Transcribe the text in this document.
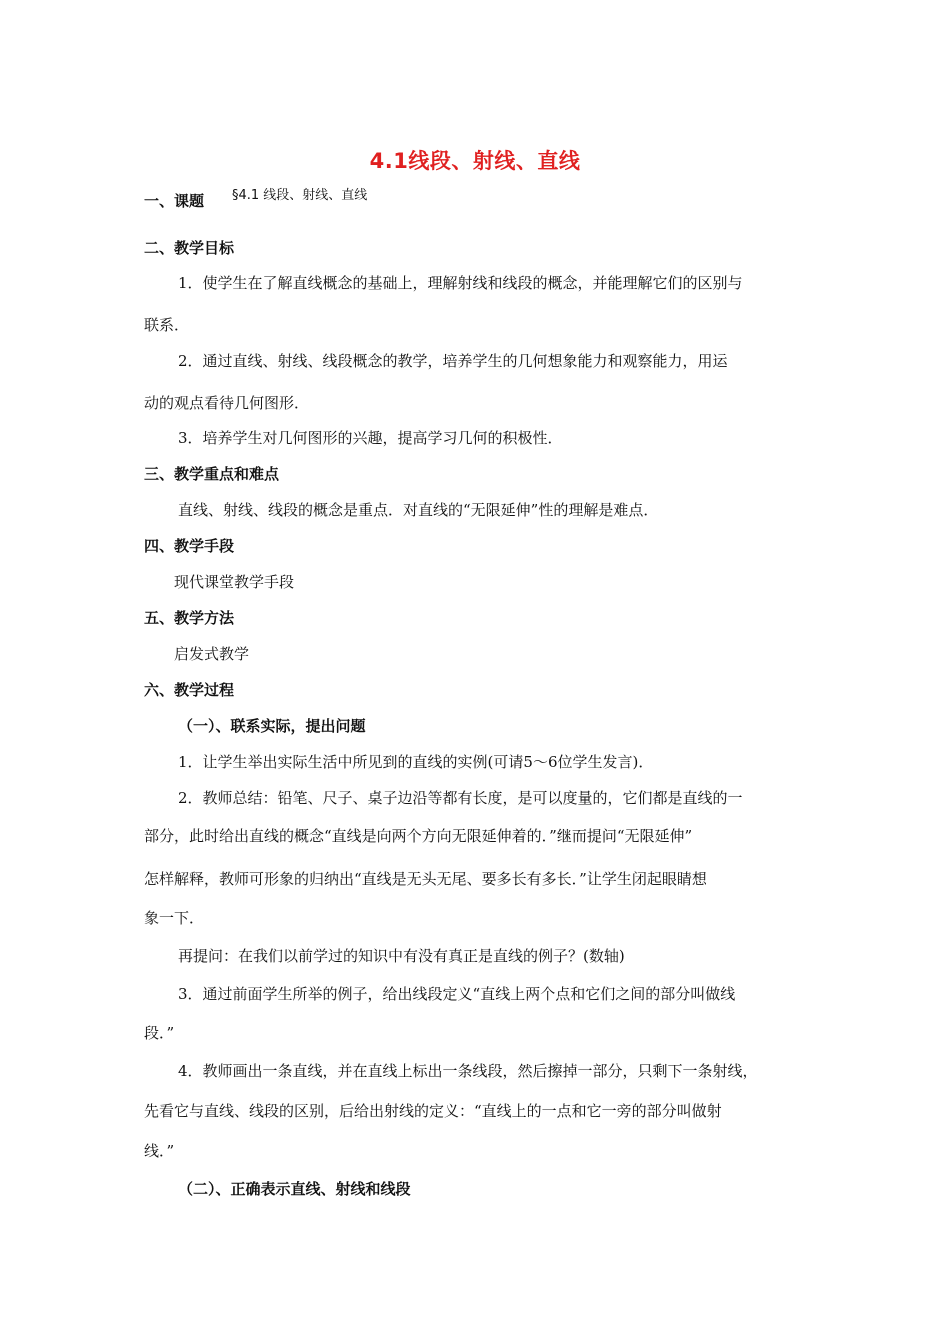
4.1线段、射线、直线
一、课题 §4.1 线段、射线、直线
二、教学目标
1．使学生在了解直线概念的基础上，理解射线和线段的概念，并能理解它们的区别与
联系．
2．通过直线、射线、线段概念的教学，培养学生的几何想象能力和观察能力，用运
动的观点看待几何图形．
3．培养学生对几何图形的兴趣，提高学习几何的积极性．
三、教学重点和难点
直线、射线、线段的概念是重点．对直线的“无限延伸”性的理解是难点．
四、教学手段
现代课堂教学手段
五、教学方法
启发式教学
六、教学过程
（一）、联系实际，提出问题
1．让学生举出实际生活中所见到的直线的实例(可请5～6位学生发言)．
2．教师总结：铅笔、尺子、桌子边沿等都有长度，是可以度量的，它们都是直线的一
部分，此时给出直线的概念“直线是向两个方向无限延伸着的．”继而提问“无限延伸”
怎样解释，教师可形象的归纳出“直线是无头无尾、要多长有多长．”让学生闭起眼睛想
象一下．
再提问：在我们以前学过的知识中有没有真正是直线的例子？(数轴)
3．通过前面学生所举的例子，给出线段定义“直线上两个点和它们之间的部分叫做线
段．”
4．教师画出一条直线，并在直线上标出一条线段，然后擦掉一部分，只剩下一条射线，
先看它与直线、线段的区别，后给出射线的定义：“直线上的一点和它一旁的部分叫做射
线．”
（二）、正确表示直线、射线和线段
